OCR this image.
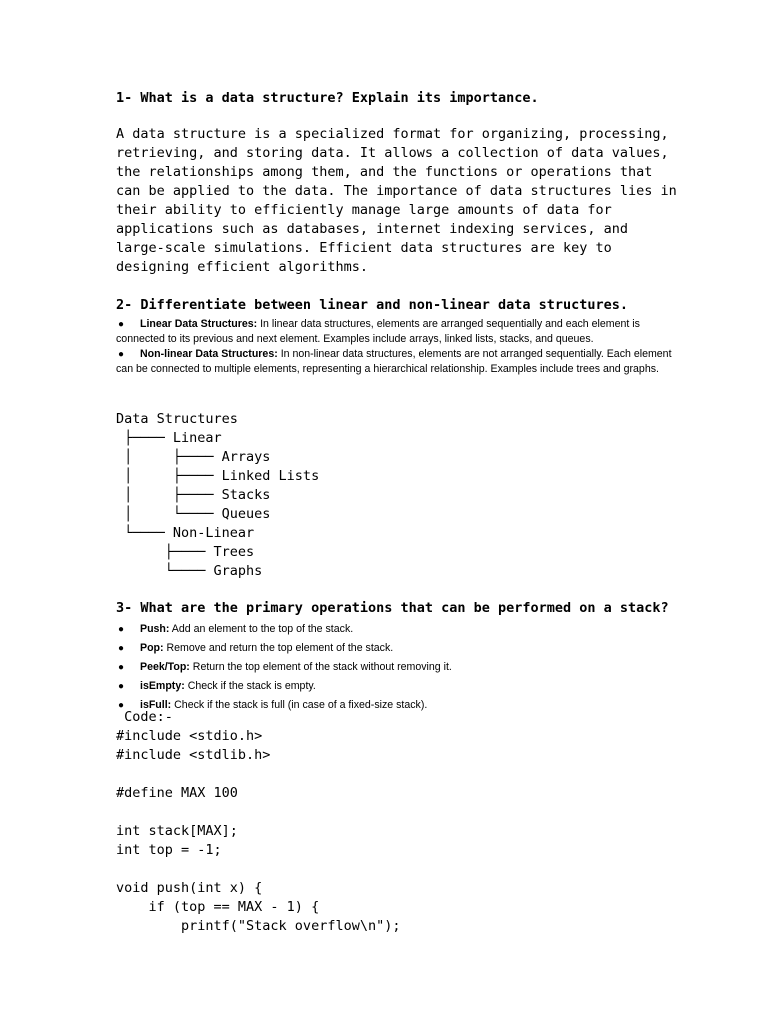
1- What is a data structure? Explain its importance.
A data structure is a specialized format for organizing, processing,
retrieving, and storing data. It allows a collection of data values,
the relationships among them, and the functions or operations that
can be applied to the data. The importance of data structures lies in
their ability to efficiently manage large amounts of data for
applications such as databases, internet indexing services, and
large-scale simulations. Efficient data structures are key to
designing efficient algorithms.
2- Differentiate between linear and non-linear data structures.
● Linear Data Structures: In linear data structures, elements are arranged sequentially and each element is connected to its previous and next element. Examples include arrays, linked lists, stacks, and queues.
● Non-linear Data Structures: In non-linear data structures, elements are not arranged sequentially. Each element can be connected to multiple elements, representing a hierarchical relationship. Examples include trees and graphs.
Data Structures
├──── Linear
│     ├──── Arrays
│     ├──── Linked Lists
│     ├──── Stacks
│     └──── Queues
└──── Non-Linear
├──── Trees
└──── Graphs
3- What are the primary operations that can be performed on a stack?
● Push: Add an element to the top of the stack.
● Pop: Remove and return the top element of the stack.
● Peek/Top: Return the top element of the stack without removing it.
● isEmpty: Check if the stack is empty.
● isFull: Check if the stack is full (in case of a fixed-size stack).
Code:-
#include <stdio.h>
#include <stdlib.h>
#define MAX 100
int stack[MAX];
int top = -1;
void push(int x) {
if (top == MAX - 1) {
printf("Stack overflow\n");
